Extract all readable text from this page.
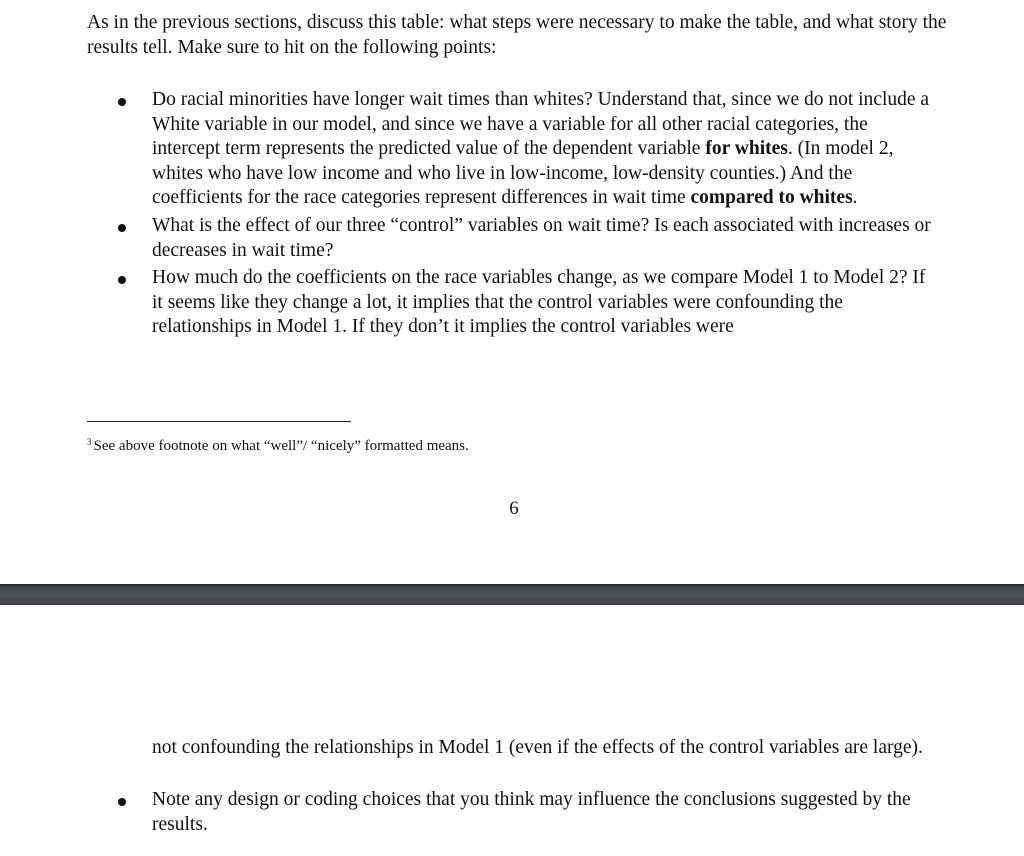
As in the previous sections, discuss this table: what steps were necessary to make the table, and what story the results tell. Make sure to hit on the following points:

Do racial minorities have longer wait times than whites? Understand that, since we do not include a White variable in our model, and since we have a variable for all other racial categories, the intercept term represents the predicted value of the dependent variable for whites. (In model 2, whites who have low income and who live in low-income, low-density counties.) And the coefficients for the race categories represent differences in wait time compared to whites.
What is the effect of our three “control” variables on wait time? Is each associated with increases or decreases in wait time?
How much do the coefficients on the race variables change, as we compare Model 1 to Model 2? If it seems like they change a lot, it implies that the control variables were confounding the relationships in Model 1. If they don’t it implies the control variables were
$^3$ See above footnote on what “well”/ “nicely” formatted means.
6

not confounding the relationships in Model 1 (even if the effects of the control variables are large).

Note any design or coding choices that you think may influence the conclusions suggested by the results.
